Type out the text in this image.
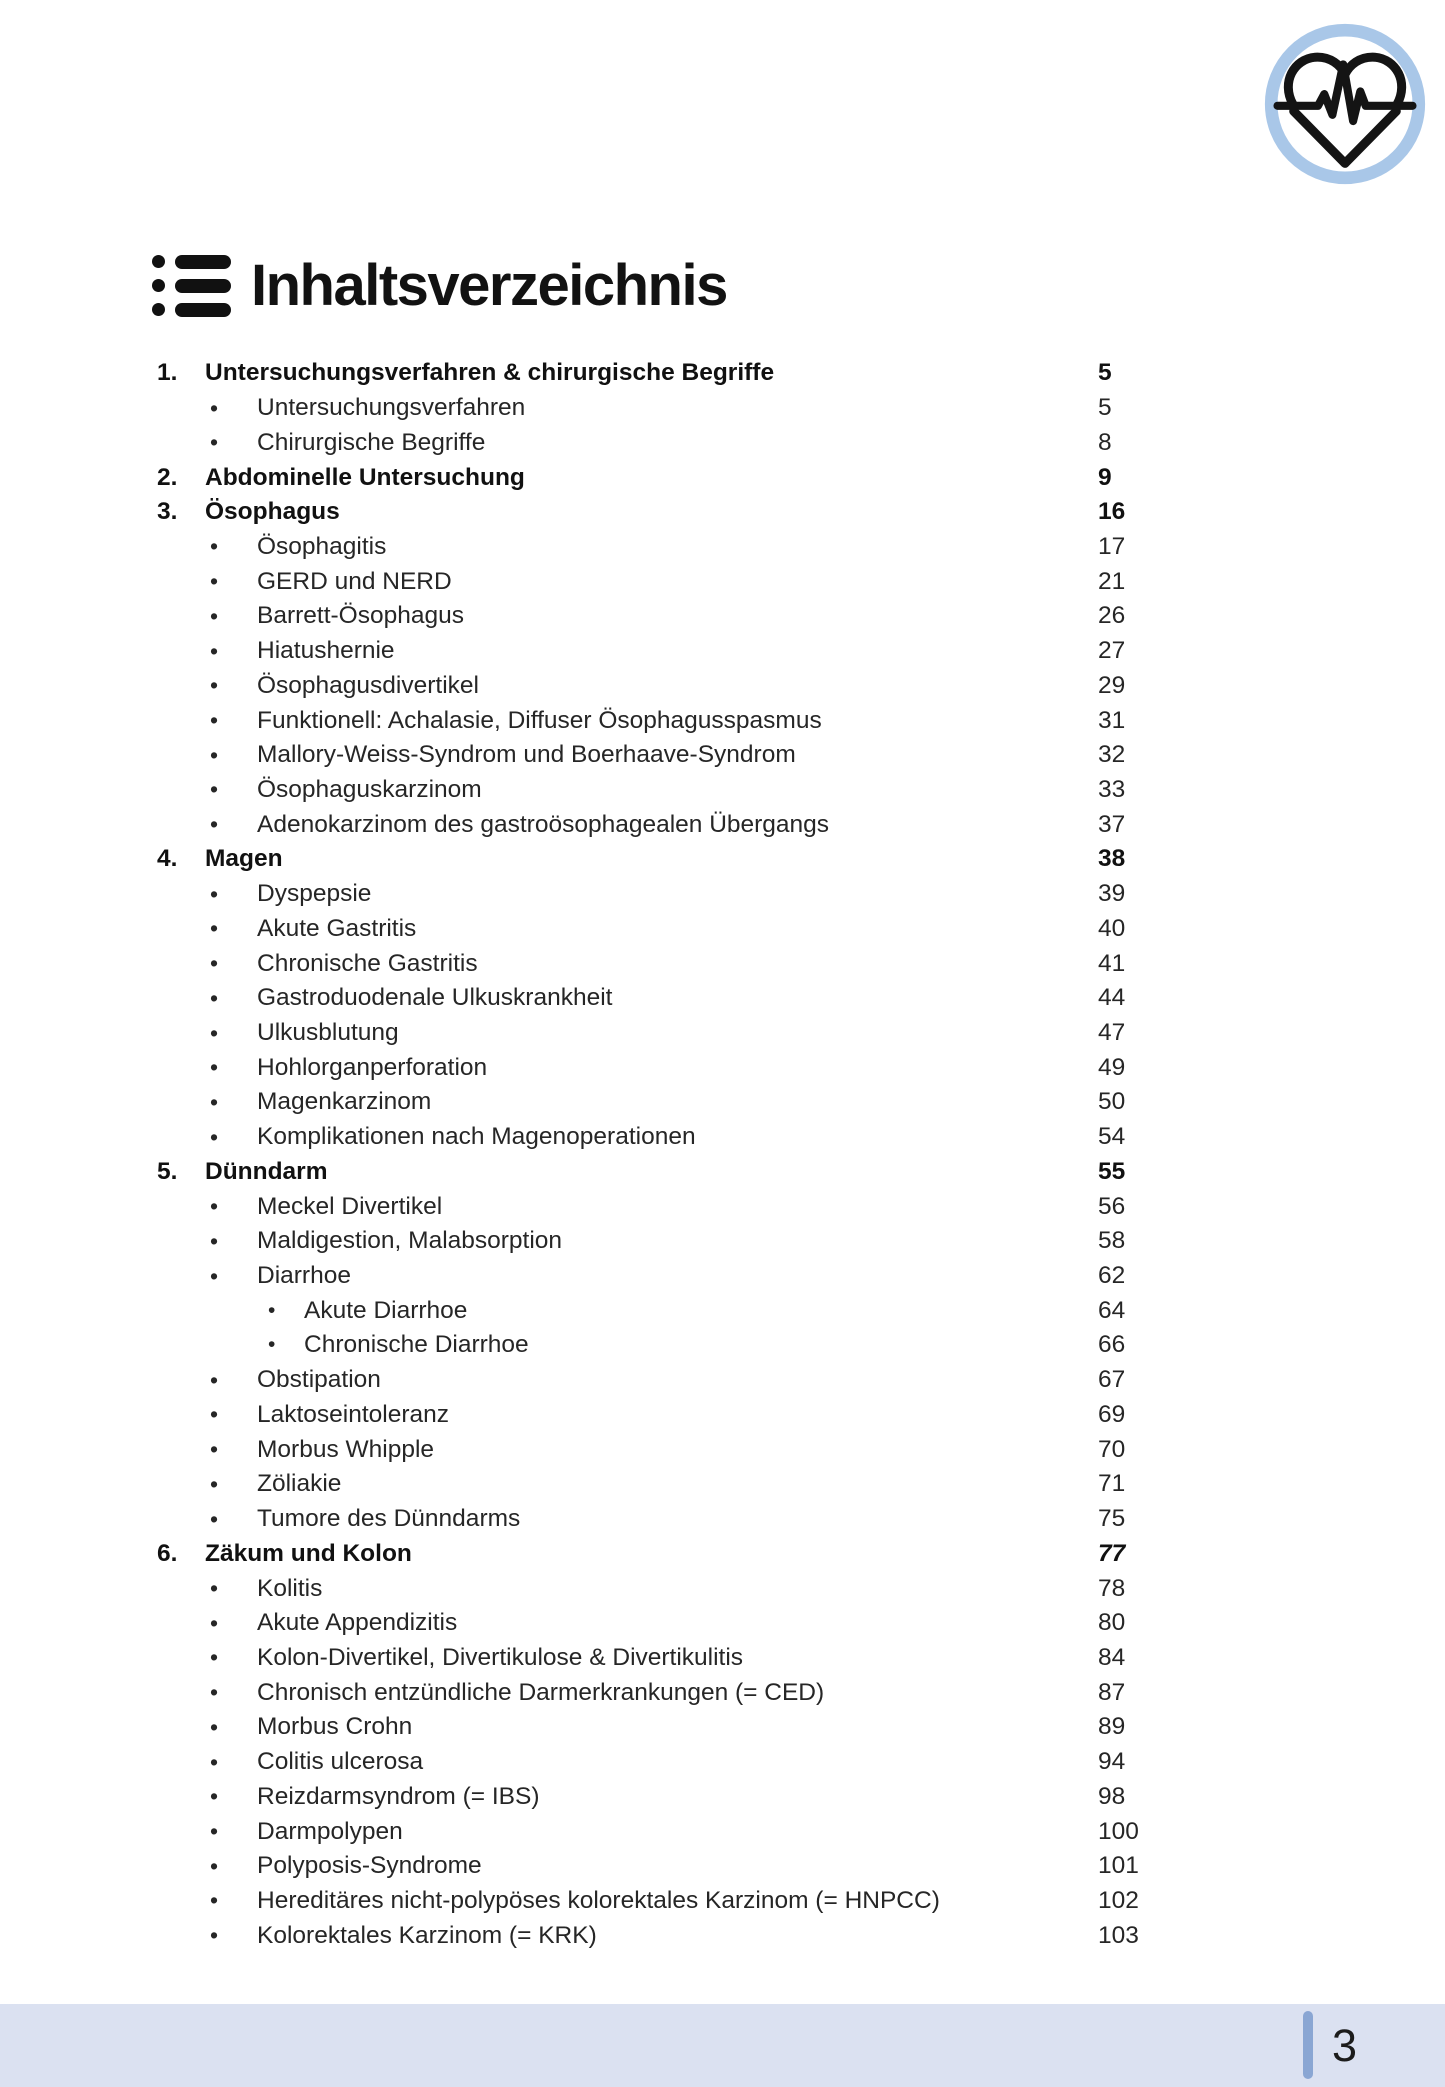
Inhaltsverzeichnis
1.	Untersuchungsverfahren & chirurgische Begriffe	5
•	Untersuchungsverfahren	5
•	Chirurgische Begriffe	8
2.	Abdominelle Untersuchung	9
3.	Ösophagus	16
•	Ösophagitis	17
•	GERD und NERD	21
•	Barrett-Ösophagus	26
•	Hiatushernie	27
•	Ösophagusdivertikel	29
•	Funktionell: Achalasie, Diffuser Ösophagusspasmus	31
•	Mallory-Weiss-Syndrom und Boerhaave-Syndrom	32
•	Ösophaguskarzinom	33
•	Adenokarzinom des gastroösophagealen Übergangs	37
4.	Magen	38
•	Dyspepsie	39
•	Akute Gastritis	40
•	Chronische Gastritis	41
•	Gastroduodenale Ulkuskrankheit	44
•	Ulkusblutung	47
•	Hohlorganperforation	49
•	Magenkarzinom	50
•	Komplikationen nach Magenoperationen	54
5.	Dünndarm	55
•	Meckel Divertikel	56
•	Maldigestion, Malabsorption	58
•	Diarrhoe	62
•	Akute Diarrhoe	64
•	Chronische Diarrhoe	66
•	Obstipation	67
•	Laktoseintoleranz	69
•	Morbus Whipple	70
•	Zöliakie	71
•	Tumore des Dünndarms	75
6.	Zäkum und Kolon	77
•	Kolitis	78
•	Akute Appendizitis	80
•	Kolon-Divertikel, Divertikulose & Divertikulitis	84
•	Chronisch entzündliche Darmerkrankungen (= CED)	87
•	Morbus Crohn	89
•	Colitis ulcerosa	94
•	Reizdarmsyndrom (= IBS)	98
•	Darmpolypen	100
•	Polyposis-Syndrome	101
•	Hereditäres nicht-polypöses kolorektales Karzinom (= HNPCC)	102
•	Kolorektales Karzinom (= KRK)	103
3
